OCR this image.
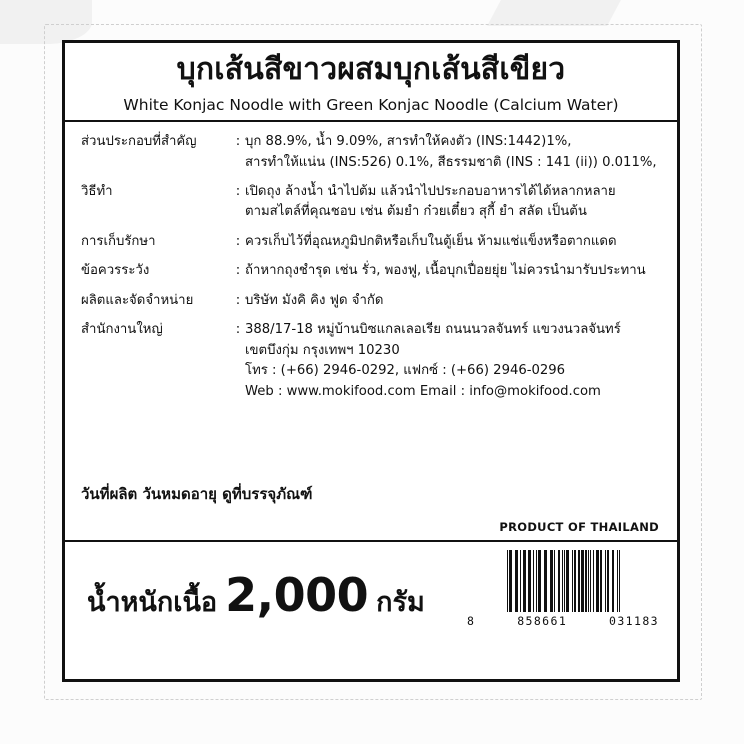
บุกเส้นสีขาวผสมบุกเส้นสีเขียว
White Konjac Noodle with Green Konjac Noodle (Calcium Water)
ส่วนประกอบที่สำคัญ	:	บุก 88.9%, น้ำ 9.09%, สารทำให้คงตัว (INS:1442)1%,
สารทำให้แน่น (INS:526) 0.1%, สีธรรมชาติ (INS : 141 (ii)) 0.011%,

วิธีทำ	:	เปิดถุง ล้างน้ำ นำไปต้ม แล้วนำไปประกอบอาหารได้ได้หลากหลาย
ตามสไตล์ที่คุณชอบ เช่น ต้มยำ ก๋วยเตี๋ยว สุกี้ ยำ สลัด เป็นต้น

การเก็บรักษา	:	ควรเก็บไว้ที่อุณหภูมิปกติหรือเก็บในตู้เย็น ห้ามแช่แข็งหรือตากแดด

ข้อควรระวัง	:	ถ้าหากถุงชำรุด เช่น รั่ว, พองฟู, เนื้อบุกเปื่อยยุ่ย ไม่ควรนำมารับประทาน

ผลิตและจัดจำหน่าย	:	บริษัท มังคิ คิง ฟูด จำกัด

สำนักงานใหญ่	:	388/17-18 หมู่บ้านบิซแกลเลอเรีย ถนนนวลจันทร์ แขวงนวลจันทร์
เขตบึงกุ่ม กรุงเทพฯ 10230
โทร : (+66) 2946-0292, แฟกซ์ : (+66) 2946-0296
Web : www.mokifood.com Email : info@mokifood.com
วันที่ผลิต วันหมดอายุ ดูที่บรรจุภัณฑ์
PRODUCT OF THAILAND
น้ำหนักเนื้อ 2,000 กรัม
8	858661	031183
